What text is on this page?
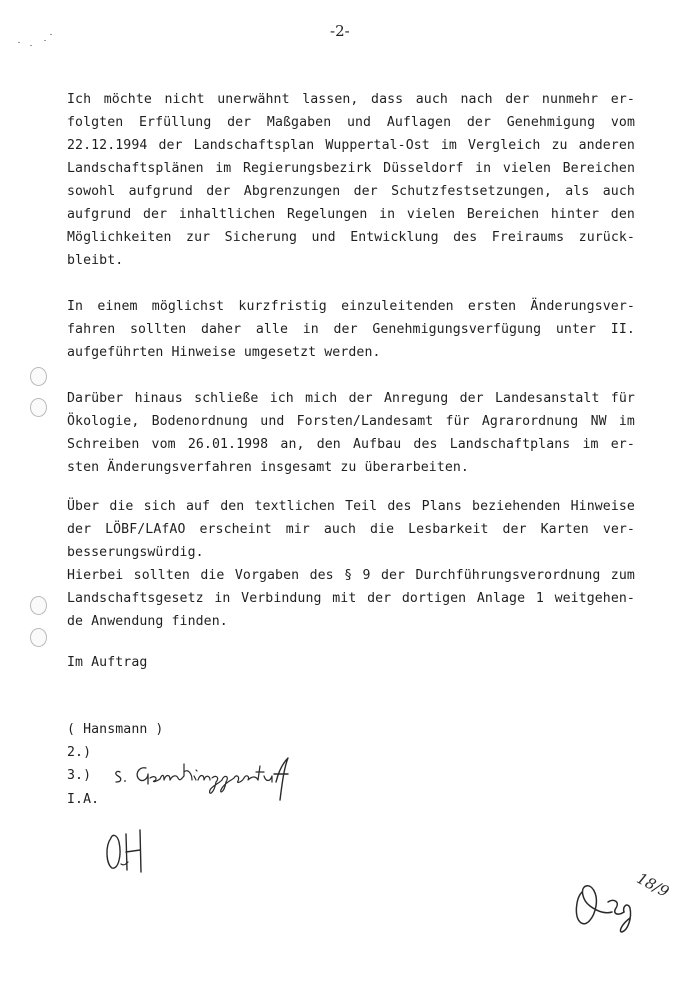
-2-
Ich möchte nicht unerwähnt lassen, dass auch nach der nunmehr er-
folgten Erfüllung der Maßgaben und Auflagen der Genehmigung vom
22.12.1994 der Landschaftsplan Wuppertal-Ost im Vergleich zu anderen
Landschaftsplänen im Regierungsbezirk Düsseldorf in vielen Bereichen
sowohl aufgrund der Abgrenzungen der Schutzfestsetzungen, als auch
aufgrund der inhaltlichen Regelungen in vielen Bereichen hinter den
Möglichkeiten zur Sicherung und Entwicklung des Freiraums zurück-
bleibt.
In einem möglichst kurzfristig einzuleitenden ersten Änderungsver-
fahren sollten daher alle in der Genehmigungsverfügung unter II.
aufgeführten Hinweise umgesetzt werden.
Darüber hinaus schließe ich mich der Anregung der Landesanstalt für
Ökologie, Bodenordnung und Forsten/Landesamt für Agrarordnung NW im
Schreiben vom 26.01.1998 an, den Aufbau des Landschaftplans im er-
sten Änderungsverfahren insgesamt zu überarbeiten.
Über die sich auf den textlichen Teil des Plans beziehenden Hinweise
der LÖBF/LAfAO erscheint mir auch die Lesbarkeit der Karten ver-
besserungswürdig.
Hierbei sollten die Vorgaben des § 9 der Durchführungsverordnung zum
Landschaftsgesetz in Verbindung mit der dortigen Anlage 1 weitgehen-
de Anwendung finden.
Im Auftrag
( Hansmann )
2.)
3.)
I.A.
18/9
